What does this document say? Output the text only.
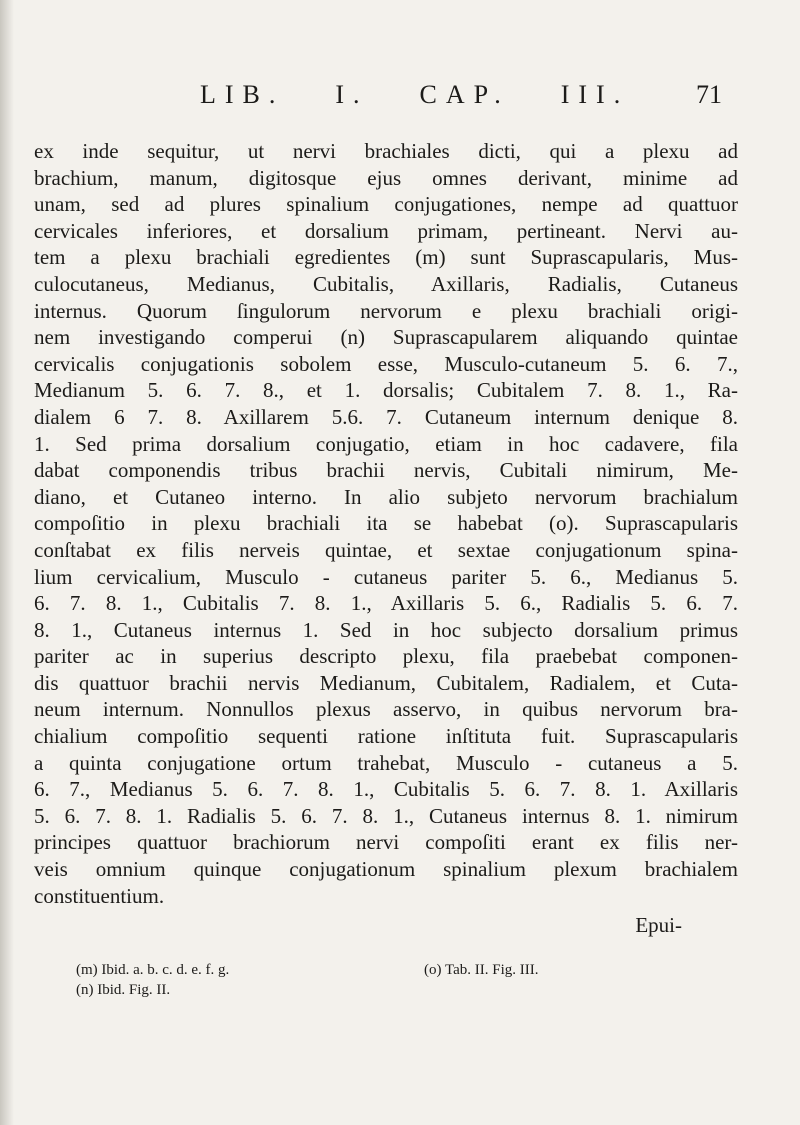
LIB.  I.  CAP.  III.	71
ex inde sequitur, ut nervi brachiales dicti, qui a plexu ad
brachium, manum, digitosque ejus omnes derivant, minime ad
unam, sed ad plures spinalium conjugationes, nempe ad quattuor
cervicales inferiores, et dorsalium primam, pertineant. Nervi au-
tem a plexu brachiali egredientes (m) sunt Suprascapularis, Mus-
culocutaneus, Medianus, Cubitalis, Axillaris, Radialis, Cutaneus
internus. Quorum ſingulorum nervorum e plexu brachiali origi-
nem investigando comperui (n) Suprascapularem aliquando quintae
cervicalis conjugationis sobolem esse, Musculo-cutaneum 5. 6. 7.,
Medianum 5. 6. 7. 8., et 1. dorsalis; Cubitalem 7. 8. 1., Ra-
dialem 6 7. 8. Axillarem 5.6. 7. Cutaneum internum denique 8.
1. Sed prima dorsalium conjugatio, etiam in hoc cadavere, fila
dabat componendis tribus brachii nervis, Cubitali nimirum, Me-
diano, et Cutaneo interno. In alio subjeto nervorum brachialum
compoſitio in plexu brachiali ita se habebat (o). Suprascapularis
conſtabat ex filis nerveis quintae, et sextae conjugationum spina-
lium cervicalium, Musculo - cutaneus pariter 5. 6., Medianus 5.
6. 7. 8. 1., Cubitalis 7. 8. 1., Axillaris 5. 6., Radialis 5. 6. 7.
8. 1., Cutaneus internus 1. Sed in hoc subjecto dorsalium primus
pariter ac in superius descripto plexu, fila praebebat componen-
dis quattuor brachii nervis Medianum, Cubitalem, Radialem, et Cuta-
neum internum. Nonnullos plexus asservo, in quibus nervorum bra-
chialium compoſitio sequenti ratione inſtituta fuit. Suprascapularis
a quinta conjugatione ortum trahebat, Musculo - cutaneus a 5.
6. 7., Medianus 5. 6. 7. 8. 1., Cubitalis 5. 6. 7. 8. 1. Axillaris
5. 6. 7. 8. 1. Radialis 5. 6. 7. 8. 1., Cutaneus internus 8. 1. nimirum
principes quattuor brachiorum nervi compoſiti erant ex filis ner-
veis omnium quinque conjugationum spinalium plexum brachialem
constituentium.
Epui-
(m) Ibid. a. b. c. d. e. f. g.
(n) Ibid. Fig. II.
(o) Tab. II. Fig. III.
